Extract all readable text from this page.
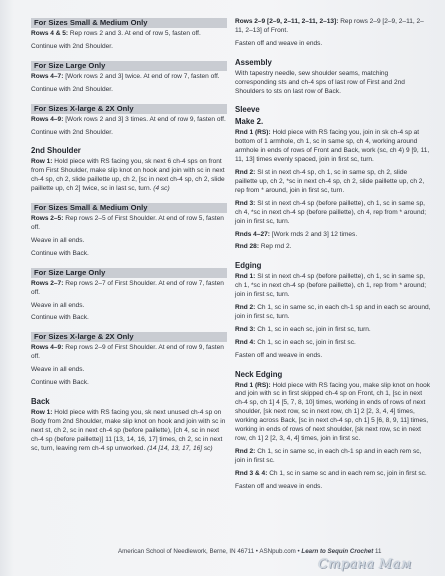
For Sizes Small & Medium Only

Rows 4 & 5: Rep rows 2 and 3. At end of row 5, fasten off.

Continue with 2nd Shoulder.

For Size Large Only

Rows 4–7: [Work rows 2 and 3] twice. At end of row 7, fasten off.

Continue with 2nd Shoulder.

For Sizes X-large & 2X Only

Rows 4–9: [Work rows 2 and 3] 3 times. At end of row 9, fasten off.

Continue with 2nd Shoulder.

2nd Shoulder

Row 1: Hold piece with RS facing you, sk next 6 ch-4 sps on front from First Shoulder, make slip knot on hook and join with sc in next ch-4 sp, ch 2, slide paillette up, ch 2, [sc in next ch-4 sp, ch 2, slide paillette up, ch 2] twice, sc in last sc, turn. (4 sc)

For Sizes Small & Medium Only

Rows 2–5: Rep rows 2–5 of First Shoulder. At end of row 5, fasten off.

Weave in all ends.

Continue with Back.

For Size Large Only

Rows 2–7: Rep rows 2–7 of First Shoulder. At end of row 7, fasten off.

Weave in all ends.

Continue with Back.

For Sizes X-large & 2X Only

Rows 4–9: Rep rows 2–9 of First Shoulder. At end of row 9, fasten off.

Weave in all ends.

Continue with Back.

Back

Row 1: Hold piece with RS facing you, sk next unused ch-4 sp on Body from 2nd Shoulder, make slip knot on hook and join with sc in next st, ch 2, sc in next ch-4 sp (before paillette), [ch 4, sc in next ch-4 sp (before paillette)] 11 [13, 14, 16, 17] times, ch 2, sc in next sc, turn, leaving rem ch-4 sp unworked. (14 [14, 13, 17, 16] sc)

Rows 2–9 [2–9, 2–11, 2–11, 2–13]: Rep rows 2–9 [2–9, 2–11, 2–11, 2–13] of Front.

Fasten off and weave in ends.

Assembly

With tapestry needle, sew shoulder seams, matching corresponding sts and ch-4 sps of last row of First and 2nd Shoulders to sts on last row of Back.

Sleeve
Make 2.

Rnd 1 (RS): Hold piece with RS facing you, join in sk ch-4 sp at bottom of 1 armhole, ch 1, sc in same sp, ch 4, working around armhole in ends of rows of Front and Back, work (sc, ch 4) 9 [9, 11, 11, 13] times evenly spaced, join in first sc, turn.

Rnd 2: Sl st in next ch-4 sp, ch 1, sc in same sp, ch 2, slide paillette up, ch 2, *sc in next ch-4 sp, ch 2, slide paillette up, ch 2, rep from * around, join in first sc, turn.

Rnd 3: Sl st in next ch-4 sp (before paillette), ch 1, sc in same sp, ch 4, *sc in next ch-4 sp (before paillette), ch 4, rep from * around; join in first sc, turn.

Rnds 4–27: [Work rnds 2 and 3] 12 times.

Rnd 28: Rep rnd 2.

Edging

Rnd 1: Sl st in next ch-4 sp (before paillette), ch 1, sc in same sp, ch 1, *sc in next ch-4 sp (before paillette), ch 1, rep from * around; join in first sc, turn.

Rnd 2: Ch 1, sc in same sc, in each ch-1 sp and in each sc around, join in first sc, turn.

Rnd 3: Ch 1, sc in each sc, join in first sc, turn.

Rnd 4: Ch 1, sc in each sc, join in first sc.

Fasten off and weave in ends.

Neck Edging

Rnd 1 (RS): Hold piece with RS facing you, make slip knot on hook and join with sc in first skipped ch-4 sp on Front, ch 1, [sc in next ch-4 sp, ch 1] 4 [5, 7, 8, 10] times, working in ends of rows of next shoulder, [sk next row, sc in next row, ch 1] 2 [2, 3, 4, 4] times, working across Back, [sc in next ch-4 sp, ch 1] 5 [6, 8, 9, 11] times, working in ends of rows of next shoulder, [sk next row, sc in next row, ch 1] 2 [2, 3, 4, 4] times, join in first sc.

Rnd 2: Ch 1, sc in same sc, in each ch-1 sp and in each rem sc, join in first sc.

Rnd 3 & 4: Ch 1, sc in same sc and in each rem sc, join in first sc.

Fasten off and weave in ends.

American School of Needlework, Berne, IN 46711 • ASNpub.com • Learn to Sequin Crochet 11
Страна Мам
